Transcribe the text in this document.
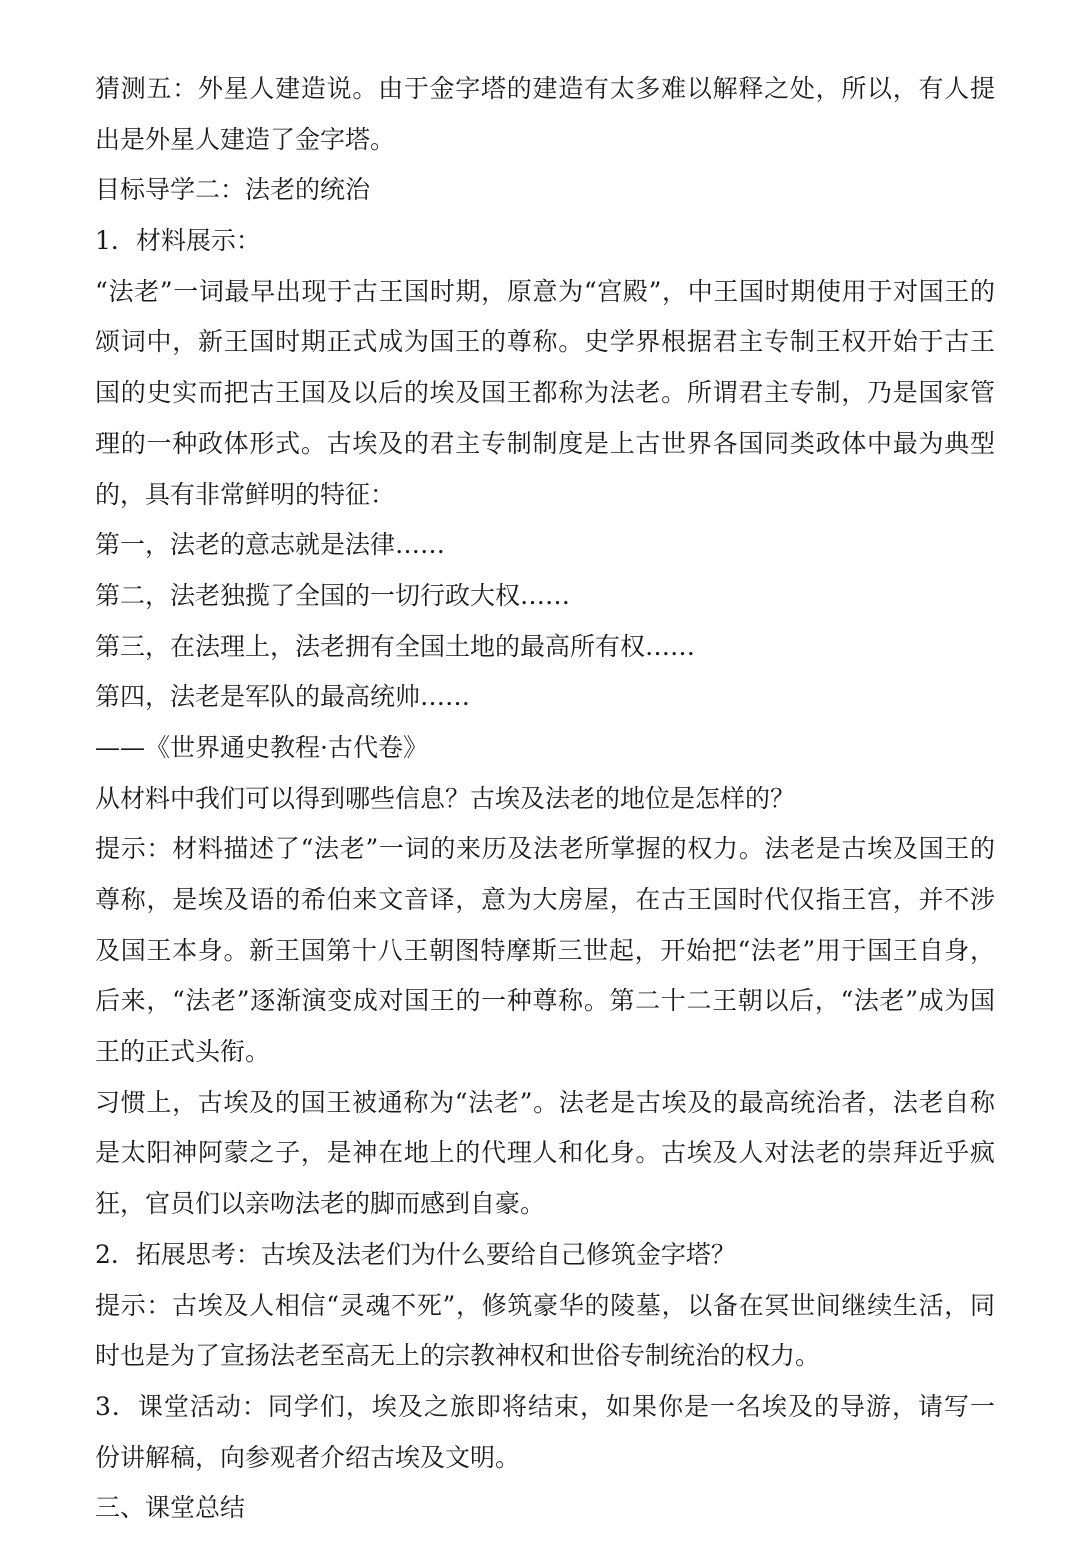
猜测五：外星人建造说。由于金字塔的建造有太多难以解释之处，所以，有人提
出是外星人建造了金字塔。
目标导学二：法老的统治
1．材料展示：
“法老”一词最早出现于古王国时期，原意为“宫殿”，中王国时期使用于对国王的
颂词中，新王国时期正式成为国王的尊称。史学界根据君主专制王权开始于古王
国的史实而把古王国及以后的埃及国王都称为法老。所谓君主专制，乃是国家管
理的一种政体形式。古埃及的君主专制制度是上古世界各国同类政体中最为典型
的，具有非常鲜明的特征：
第一，法老的意志就是法律……
第二，法老独揽了全国的一切行政大权……
第三，在法理上，法老拥有全国土地的最高所有权……
第四，法老是军队的最高统帅……
——《世界通史教程·古代卷》
从材料中我们可以得到哪些信息？古埃及法老的地位是怎样的？
提示：材料描述了“法老”一词的来历及法老所掌握的权力。法老是古埃及国王的
尊称，是埃及语的希伯来文音译，意为大房屋，在古王国时代仅指王宫，并不涉
及国王本身。新王国第十八王朝图特摩斯三世起，开始把“法老”用于国王自身，
后来，“法老”逐渐演变成对国王的一种尊称。第二十二王朝以后，“法老”成为国
王的正式头衔。
习惯上，古埃及的国王被通称为“法老”。法老是古埃及的最高统治者，法老自称
是太阳神阿蒙之子，是神在地上的代理人和化身。古埃及人对法老的崇拜近乎疯
狂，官员们以亲吻法老的脚而感到自豪。
2．拓展思考：古埃及法老们为什么要给自己修筑金字塔？
提示：古埃及人相信“灵魂不死”，修筑豪华的陵墓，以备在冥世间继续生活，同
时也是为了宣扬法老至高无上的宗教神权和世俗专制统治的权力。
3．课堂活动：同学们，埃及之旅即将结束，如果你是一名埃及的导游，请写一
份讲解稿，向参观者介绍古埃及文明。
三、课堂总结
